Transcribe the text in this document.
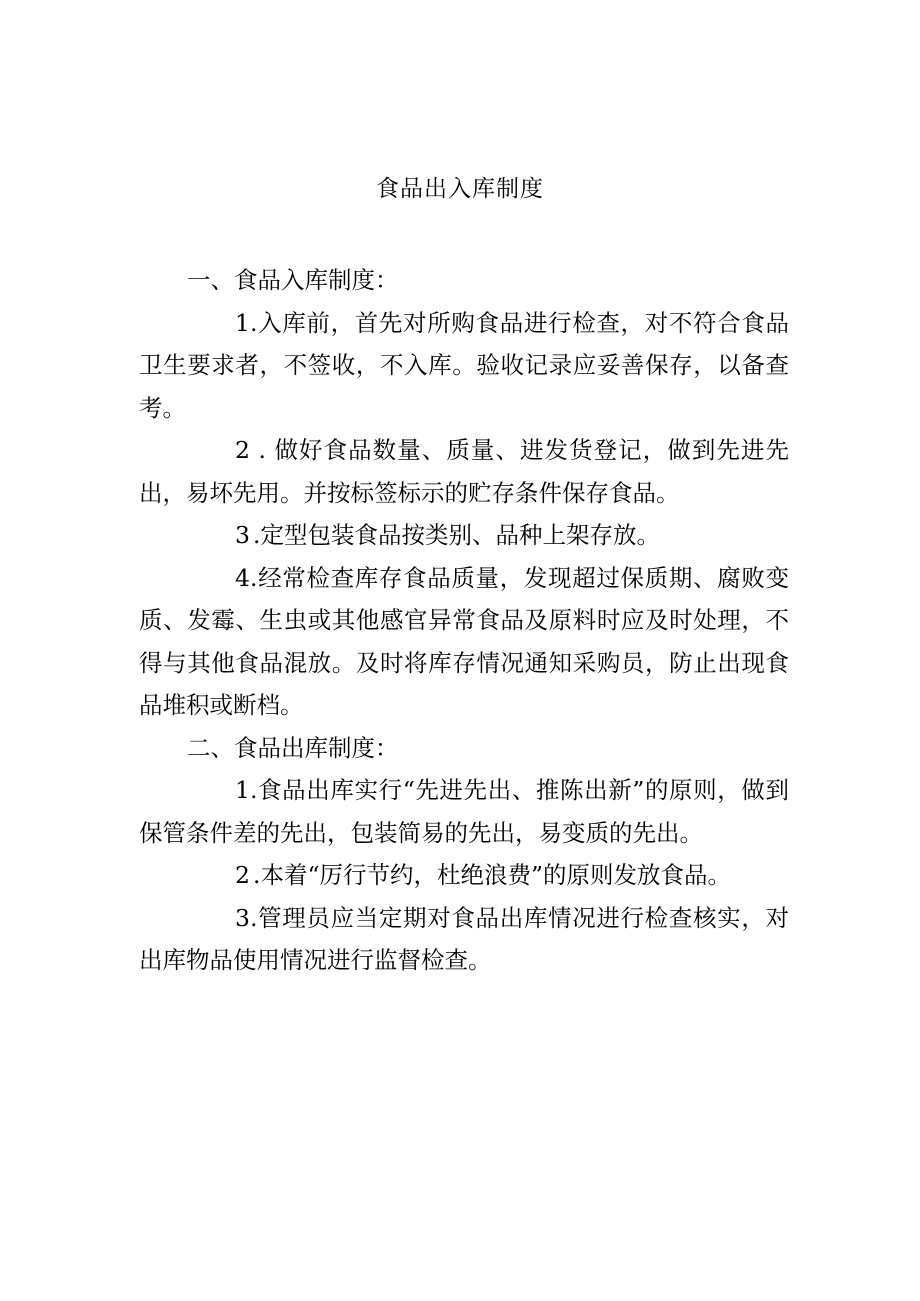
食品出入库制度

一、食品入库制度：

1.入库前，首先对所购食品进行检查，对不符合食品卫生要求者，不签收，不入库。验收记录应妥善保存，以备查考。

2 . 做好食品数量、质量、进发货登记，做到先进先出，易坏先用。并按标签标示的贮存条件保存食品。

3 .定型包装食品按类别、品种上架存放。

4.经常检查库存食品质量，发现超过保质期、腐败变质、发霉、生虫或其他感官异常食品及原料时应及时处理，不得与其他食品混放。及时将库存情况通知采购员，防止出现食品堆积或断档。

二、食品出库制度：

1.食品出库实行“先进先出、推陈出新”的原则，做到保管条件差的先出，包装简易的先出，易变质的先出。

2 .本着“厉行节约，杜绝浪费”的原则发放食品。

3.管理员应当定期对食品出库情况进行检查核实，对出库物品使用情况进行监督检查。
